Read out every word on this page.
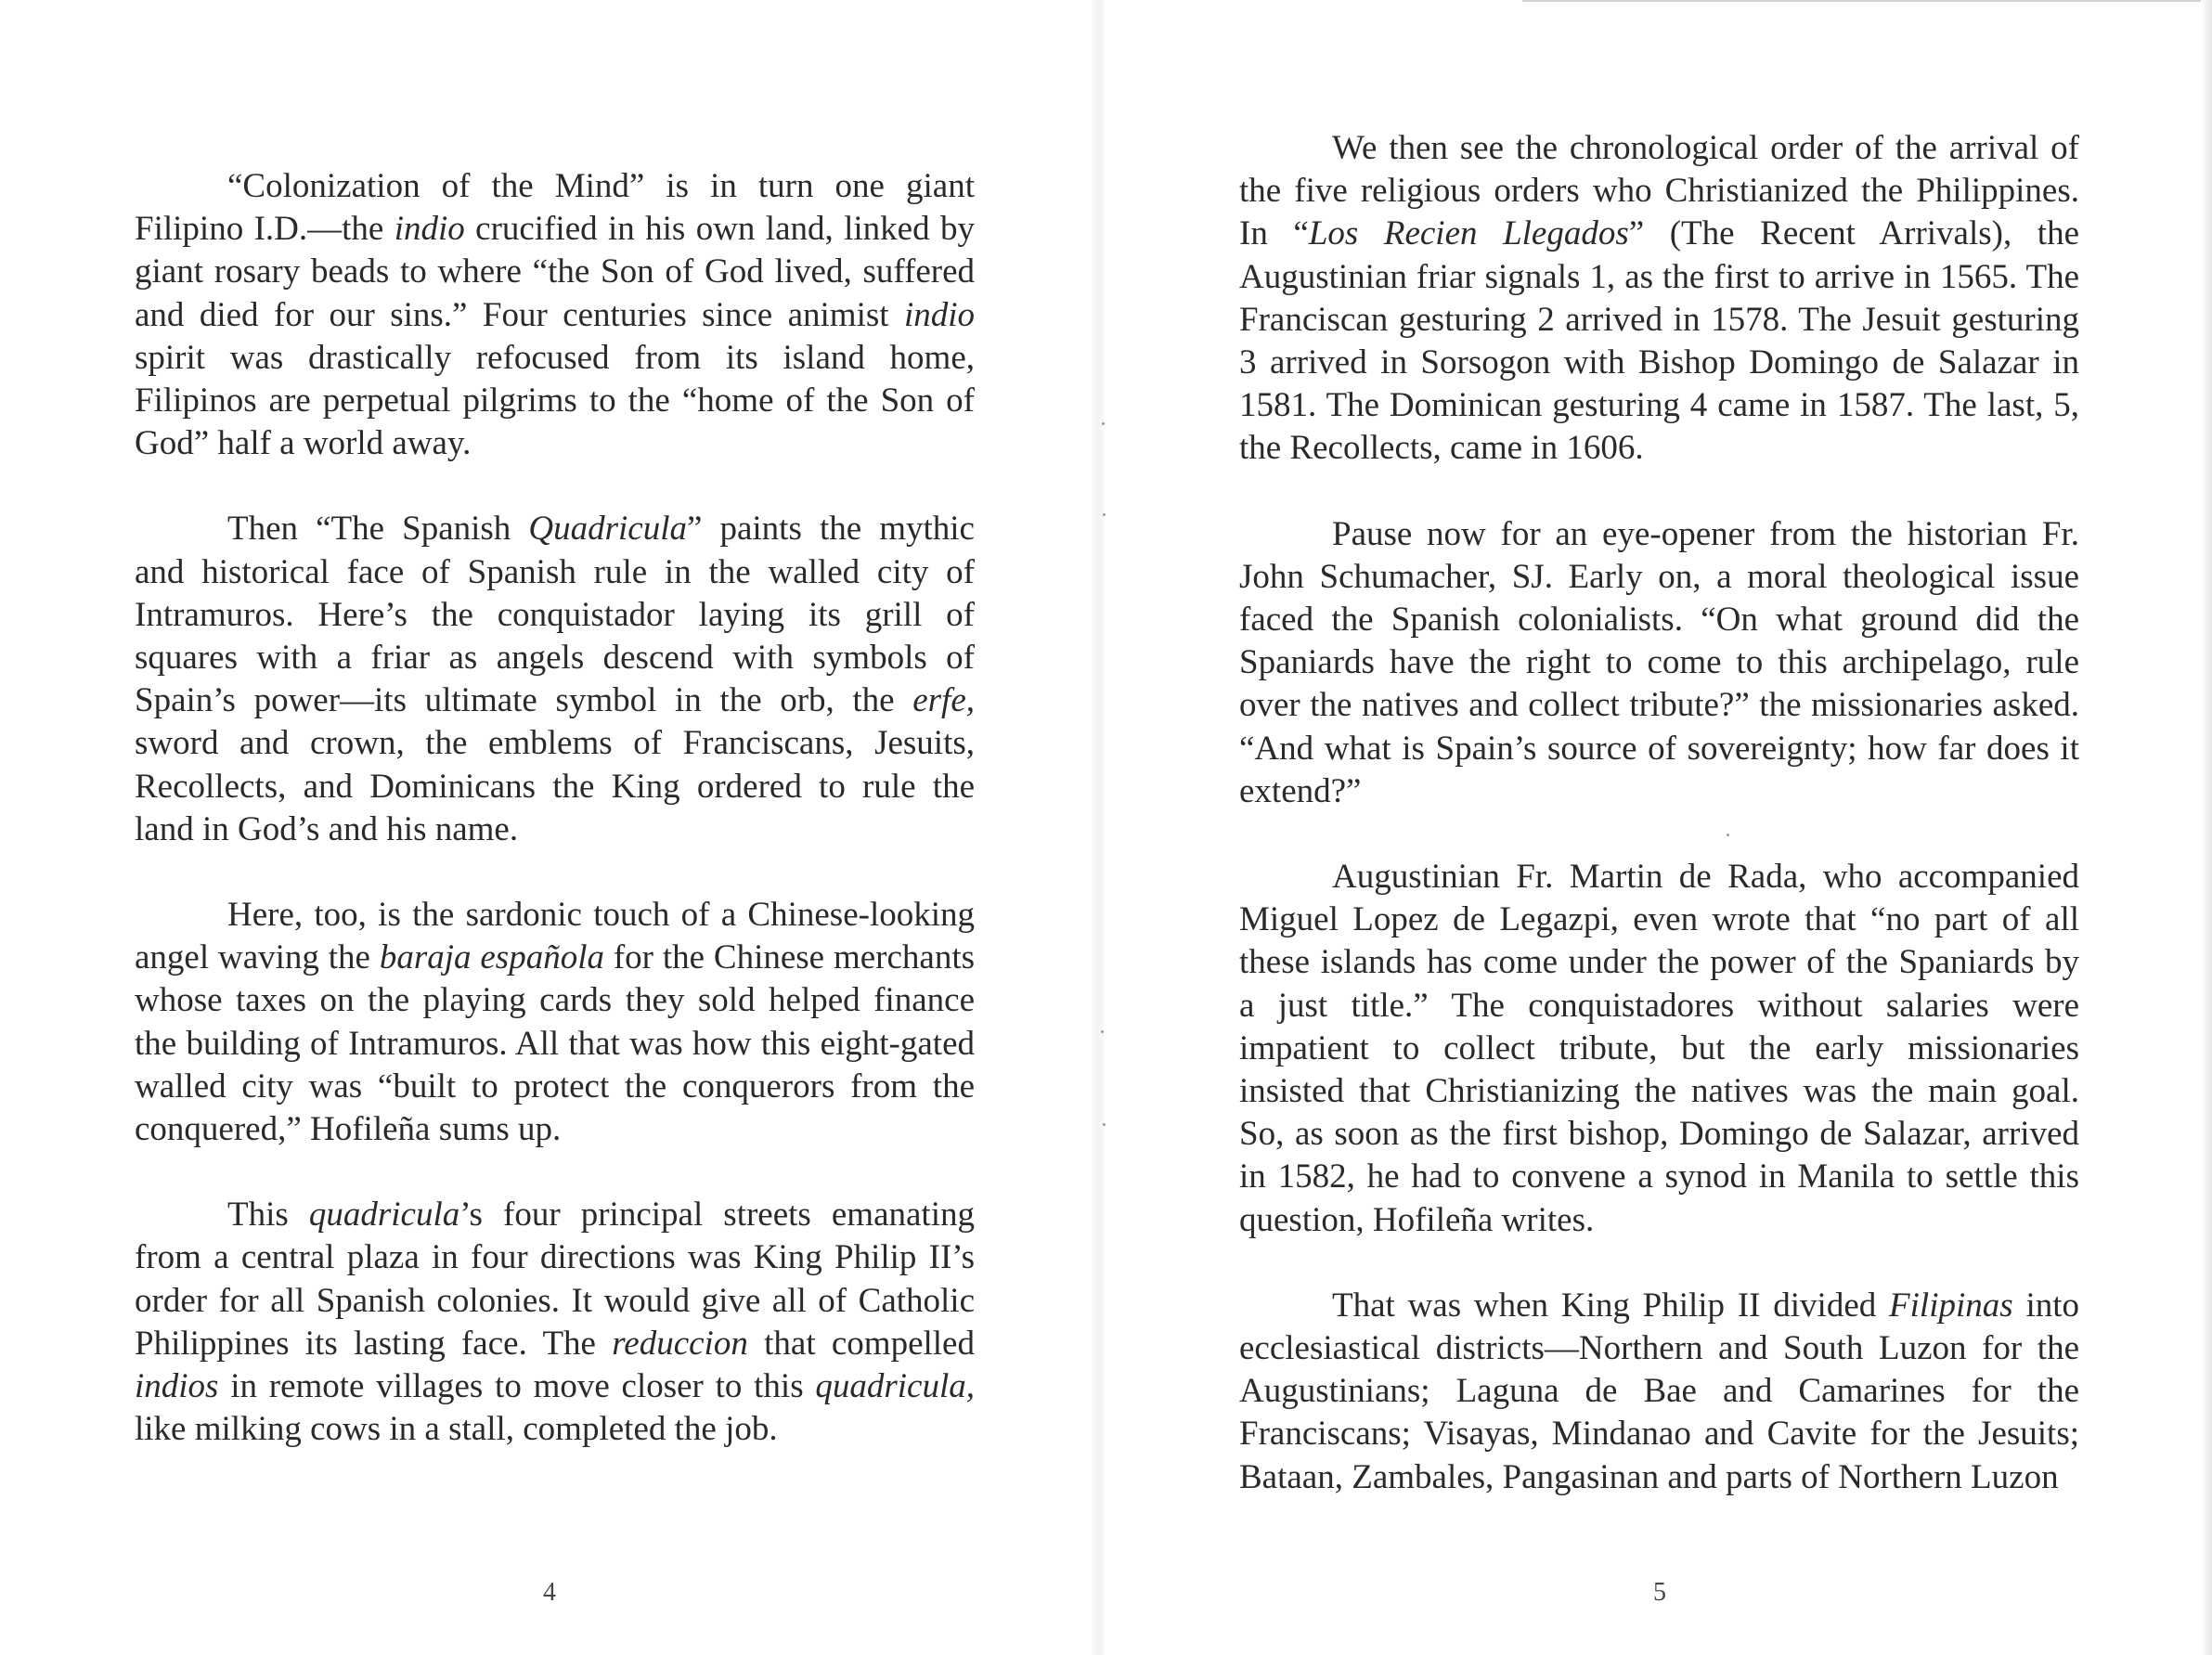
“Colonization of the Mind” is in turn one giant Filipino I.D.—the indio crucified in his own land, linked by giant rosary beads to where “the Son of God lived, suffered and died for our sins.” Four centuries since animist indio spirit was drastically refocused from its island home, Filipinos are perpetual pilgrims to the “home of the Son of God” half a world away.

Then “The Spanish Quadricula” paints the mythic and historical face of Spanish rule in the walled city of Intramuros. Here’s the conquistador laying its grill of squares with a friar as angels descend with symbols of Spain’s power—its ultimate symbol in the orb, the erfe, sword and crown, the emblems of Franciscans, Jesuits, Recollects, and Dominicans the King ordered to rule the land in God’s and his name.

Here, too, is the sardonic touch of a Chinese-looking angel waving the baraja española for the Chinese merchants whose taxes on the playing cards they sold helped finance the building of Intramuros. All that was how this eight-gated walled city was “built to protect the conquerors from the conquered,” Hofileña sums up.

This quadricula’s four principal streets emanating from a central plaza in four directions was King Philip II’s order for all Spanish colonies. It would give all of Catholic Philippines its lasting face. The reduccion that compelled indios in remote villages to move closer to this quadricula, like milking cows in a stall, completed the job.

4

We then see the chronological order of the arrival of the five religious orders who Christianized the Philippines. In “Los Recien Llegados” (The Recent Arrivals), the Augustinian friar signals 1, as the first to arrive in 1565. The Franciscan gesturing 2 arrived in 1578. The Jesuit gesturing 3 arrived in Sorsogon with Bishop Domingo de Salazar in 1581. The Dominican gesturing 4 came in 1587. The last, 5, the Recollects, came in 1606.

Pause now for an eye-opener from the historian Fr. John Schumacher, SJ. Early on, a moral theological issue faced the Spanish colonialists. “On what ground did the Spaniards have the right to come to this archipelago, rule over the natives and collect tribute?” the missionaries asked. “And what is Spain’s source of sovereignty; how far does it extend?”

Augustinian Fr. Martin de Rada, who accompanied Miguel Lopez de Legazpi, even wrote that “no part of all these islands has come under the power of the Spaniards by a just title.” The conquistadores without salaries were impatient to collect tribute, but the early missionaries insisted that Christianizing the natives was the main goal. So, as soon as the first bishop, Domingo de Salazar, arrived in 1582, he had to convene a synod in Manila to settle this question, Hofileña writes.

That was when King Philip II divided Filipinas into ecclesiastical districts—Northern and South Luzon for the Augustinians; Laguna de Bae and Camarines for the Franciscans; Visayas, Mindanao and Cavite for the Jesuits; Bataan, Zambales, Pangasinan and parts of Northern Luzon

5
